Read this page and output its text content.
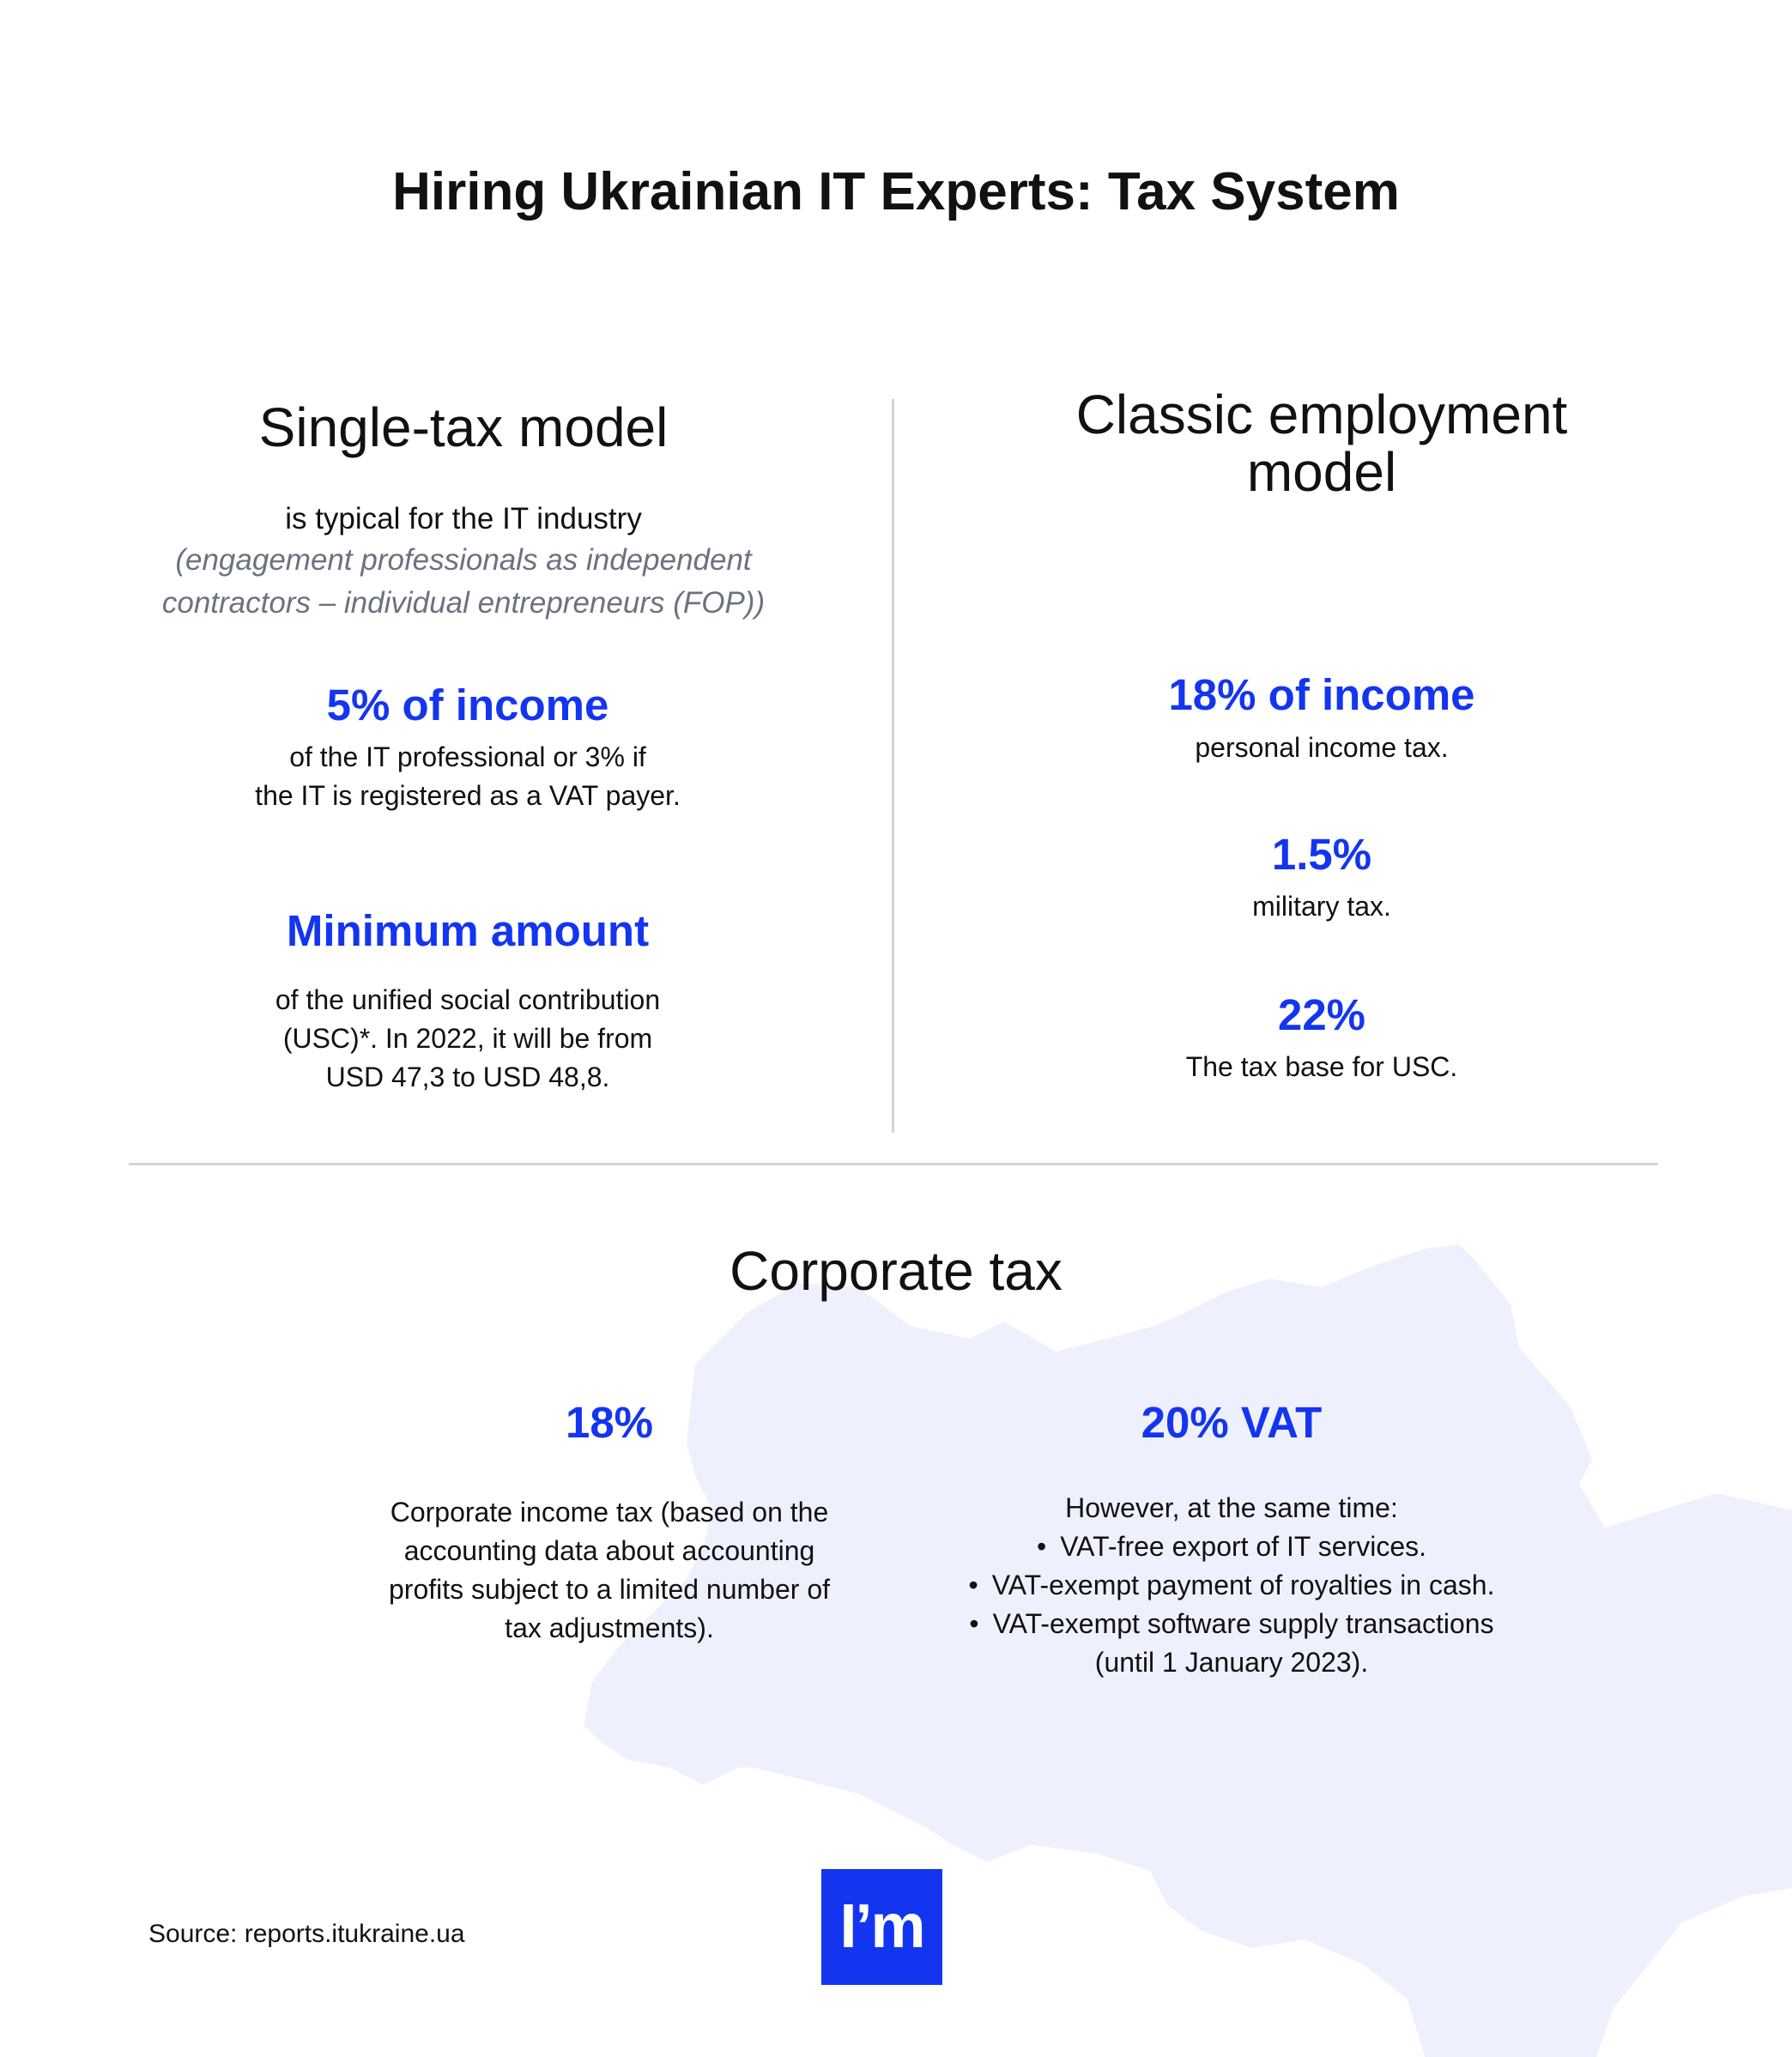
Hiring Ukrainian IT Experts: Tax System
Single-tax model
is typical for the IT industry
(engagement professionals as independent
contractors – individual entrepreneurs (FOP))
5% of income
of the IT professional or 3% if
the IT is registered as a VAT payer.
Minimum amount
of the unified social contribution
(USC)*. In 2022, it will be from
USD 47,3 to USD 48,8.
Classic employment
model
18% of income
personal income tax.
1.5%
military tax.
22%
The tax base for USC.
Corporate tax
18%
Corporate income tax (based on the
accounting data about accounting
profits subject to a limited number of
tax adjustments).
20% VAT
However, at the same time:
• VAT-free export of IT services.
• VAT-exempt payment of royalties in cash.
• VAT-exempt software supply transactions
(until 1 January 2023).
Source: reports.itukraine.ua	I’m
